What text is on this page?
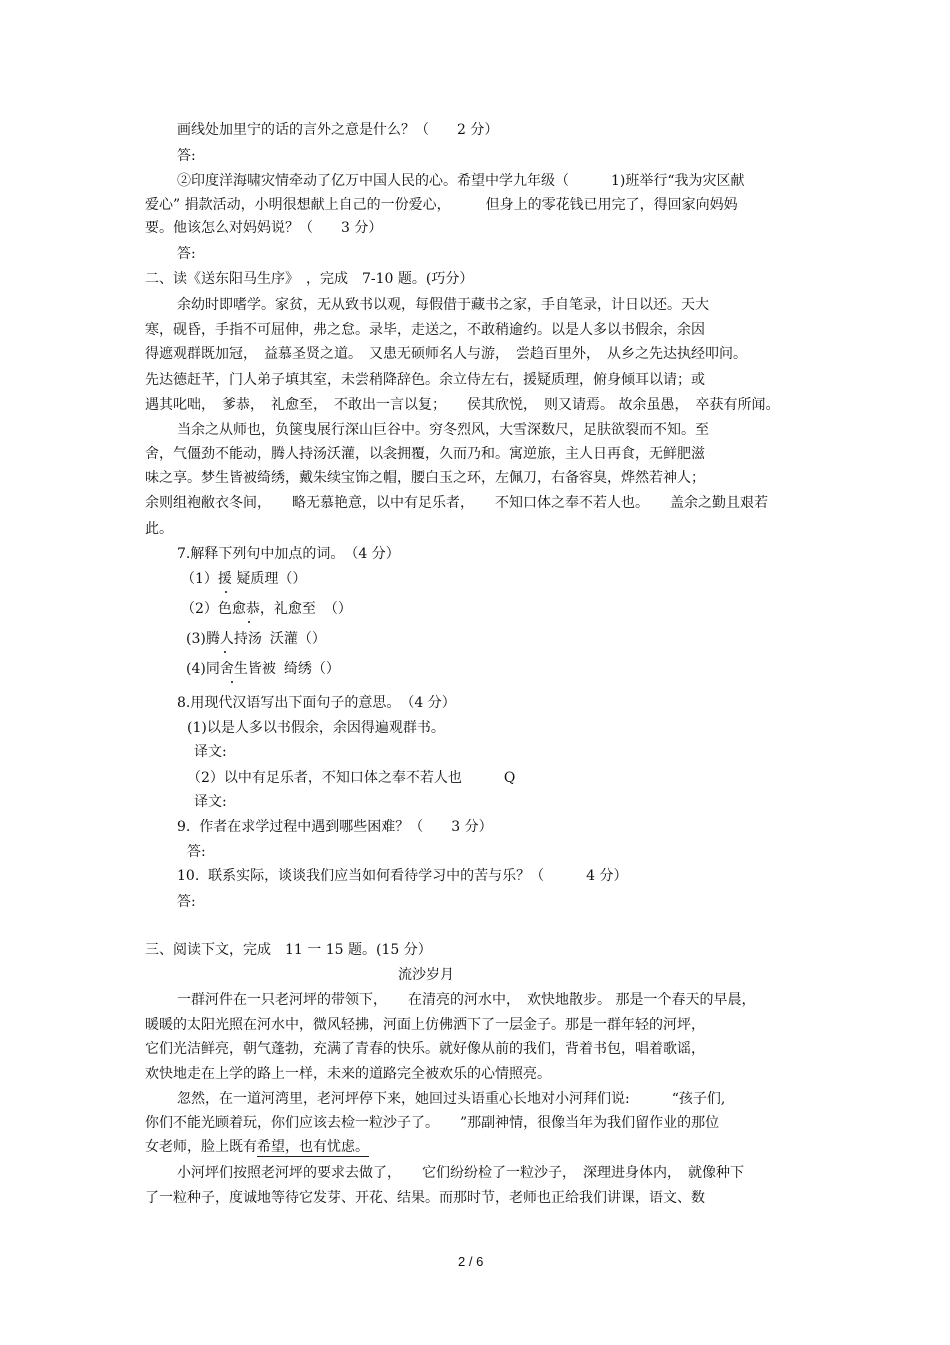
画线处加里宁的话的言外之意是什么？（　　2 分）
答:
②印度洋海啸灾情牵动了亿万中国人民的心。希望中学九年级（　　　1)班举行“我为灾区献
爱心” 捐款活动，小明很想献上自己的一份爱心，　　　但身上的零花钱已用完了，得回家向妈妈
要。他该怎么对妈妈说？（　　3 分）
答:
二、读《送东阳马生序》　，完成　7-10 题。(巧分）
余幼时即嗜学。家贫，无从致书以观，每假借于藏书之家，手自笔录，计日以还。天大
寒，砚昏，手指不可屈伸，弗之怠。录毕，走送之，不敢稍逾约。以是人多以书假余，余因
得遮观群既加冠，　益慕圣贤之道。　又患无硕师名人与游，　尝趋百里外，　从乡之先达执经叩问。
先达德赶芊，门人弟子填其室，未尝稍降辞色。余立侍左右，援疑质理，俯身倾耳以请；或
遇其叱咄，　爹恭，　礼愈至，　不敢出一言以复；　　侯其欣悦，　则又请焉。 故余虽愚，　卒获有所闻。
当余之从师也，负箧曳展行深山巨谷中。穷冬烈风，大雪深数尺，足肤欲裂而不知。至
舍，气僵劲不能动，腾人持汤沃灌，以衾拥覆，久而乃和。寓逆旅，主人日再食，无鲜肥滋
味之享。梦生皆被绮绣，戴朱续宝饰之帽，腰白玉之环，左佩刀，右备容臭，烨然若神人；
余则组袍敝衣冬间，　　略无慕艳意，以中有足乐者，　　不知口体之奉不若人也。　　盖余之勤且艰若
此。
7.解释下列句中加点的词。　（4 分）
（1）援 疑质理（）
（2）色愈恭，礼愈至 （）
(3)腾人持汤 沃灌（）
(4)同舍生皆被 绮绣（）
8.用现代汉语写出下面句子的意思。　（4 分）
(1)以是人多以书假余，余因得遍观群书。
译文:
（2）以中有足乐者，不知口体之奉不若人也　　　Q
译文:
9.  作者在求学过程中遇到哪些困难？（　　3 分）
答:
10.  联系实际，谈谈我们应当如何看待学习中的苦与乐？（　　　4 分）
答:
三、阅读下文，完成　11 一 15 题。(15 分）
流沙岁月
一群河件在一只老河坪的带领下，　　在清亮的河水中，　欢快地散步。 那是一个春天的早晨，
暖暖的太阳光照在河水中，微风轻拂，河面上仿佛洒下了一层金子。那是一群年轻的河坪，
它们光洁鲜亮，朝气蓬勃，充满了青春的快乐。就好像从前的我们，背着书包，唱着歌谣，
欢快地走在上学的路上一样，未来的道路完全被欢乐的心情照亮。
忽然，在一道河湾里，老河坪停下来，她回过头语重心长地对小河拜们说:　　　“孩子们,
你们不能光顾着玩，你们应该去检一粒沙子了。　　”那副神情，很像当年为我们留作业的那位
女老师，脸上既有希望，也有忧虑。
小河坪们按照老河坪的要求去做了，　　它们纷纷检了一粒沙子，　深理进身体内，　就像种下
了一粒种子，度诚地等待它发芽、开花、结果。而那时节，老师也正给我们讲课，语文、数
2 / 6
